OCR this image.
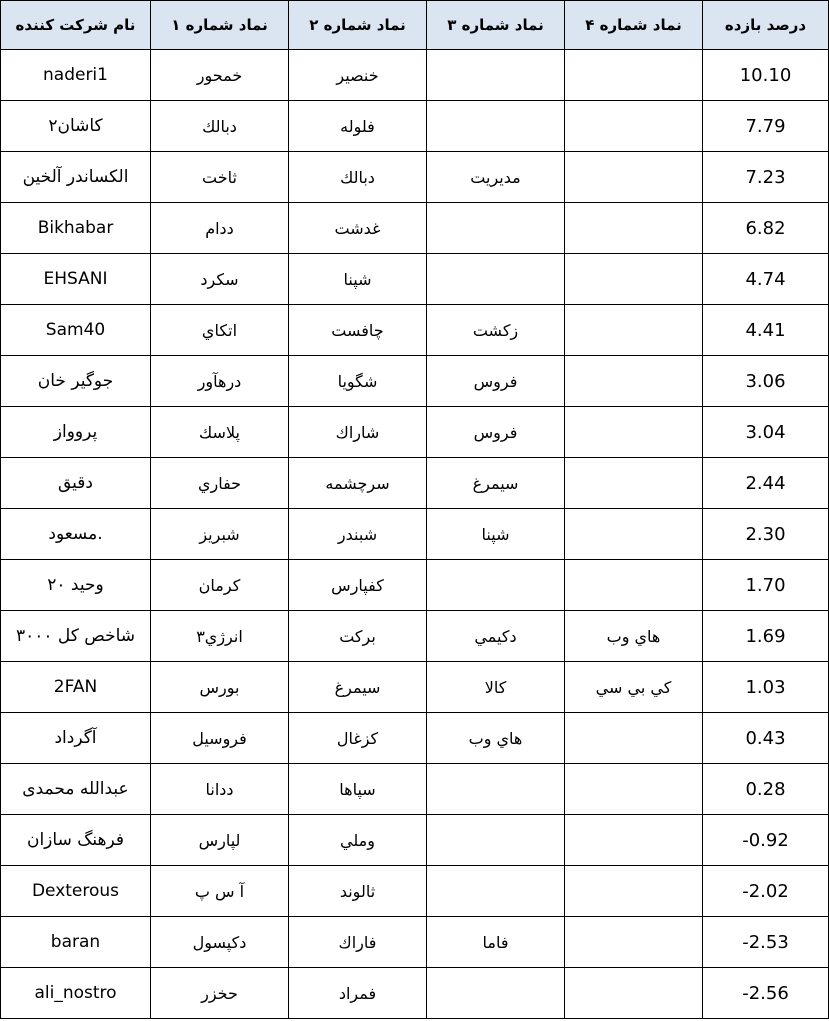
نام شرکت کننده	نماد شماره ۱	نماد شماره ۲	نماد شماره ۳	نماد شماره ۴	درصد بازده
naderi1	خمحور	خنصير			10.10
كاشان٢	دبالك	فلوله			7.79
الكساندر آلخين	ثاخت	دبالك	مديريت		7.23
Bikhabar	ددام	غدشت			6.82
EHSANI	سكرد	شپنا			4.74
Sam40	اتكاي	چافست	زكشت		4.41
جوگير خان	درهآور	شگويا	فروس		3.06
پروواز	پلاسك	شاراك	فروس		3.04
دقيق	حفاري	سرچشمه	سيمرغ		2.44
مسعود.	شبريز	شبندر	شپنا		2.30
وحيد ٢٠	كرمان	كفپارس			1.70
شاخص كل ٣٠٠٠	انرژي٣	بركت	دكيمي	هاي وب	1.69
2FAN	بورس	سيمرغ	كالا	كي بي سي	1.03
آگرداد	فروسيل	كزغال	هاي وب		0.43
عبدالله محمدی	ددانا	سپاها			0.28
فرهنگ سازان	لپارس	وملي			-0.92
Dexterous	آ س پ	ثالوند			-2.02
baran	دكپسول	فاراك	فاما		-2.53
ali_nostro	حخزر	فمراد			-2.56
